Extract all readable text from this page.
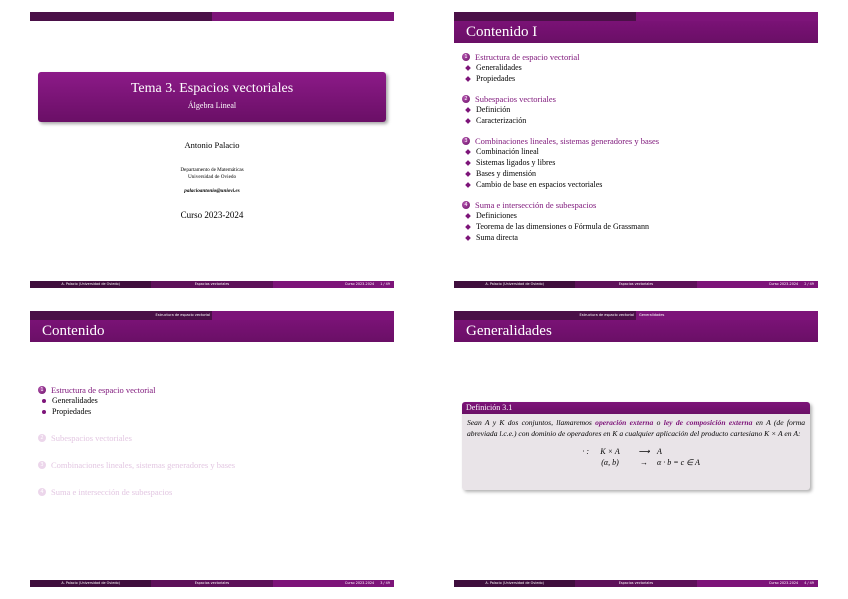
Tema 3. Espacios vectoriales
Álgebra Lineal
Antonio Palacio
Departamento de Matemáticas
Universidad de Oviedo
palacioantonio@uniovi.es
Curso 2023-2024
A. Palacio (Universidad de Oviedo)	Espacios vectoriales	Curso 2023-2024 1 / 49
Contenido I
1 Estructura de espacio vectorial
Generalidades
Propiedades
2 Subespacios vectoriales
Definición
Caracterización
3 Combinaciones lineales, sistemas generadores y bases
Combinación lineal
Sistemas ligados y libres
Bases y dimensión
Cambio de base en espacios vectoriales
4 Suma e intersección de subespacios
Definiciones
Teorema de las dimensiones o Fórmula de Grassmann
Suma directa
A. Palacio (Universidad de Oviedo)	Espacios vectoriales	Curso 2023-2024 2 / 49
Estructura de espacio vectorial
Contenido
1 Estructura de espacio vectorial
Generalidades
Propiedades
2 Subespacios vectoriales
3 Combinaciones lineales, sistemas generadores y bases
4 Suma e intersección de subespacios
A. Palacio (Universidad de Oviedo)	Espacios vectoriales	Curso 2023-2024 3 / 49
Estructura de espacio vectorial	Generalidades
Generalidades
Definición 3.1
Sean A y K dos conjuntos, llamaremos operación externa o ley de composición externa en A (de forma abreviada l.c.e.) con dominio de operadores en K a cualquier aplicación del producto cartesiano K × A en A:
· :	K × A	⟶ A
(α, b)	→	α · b = c ∈ A
A. Palacio (Universidad de Oviedo)	Espacios vectoriales	Curso 2023-2024 4 / 49
